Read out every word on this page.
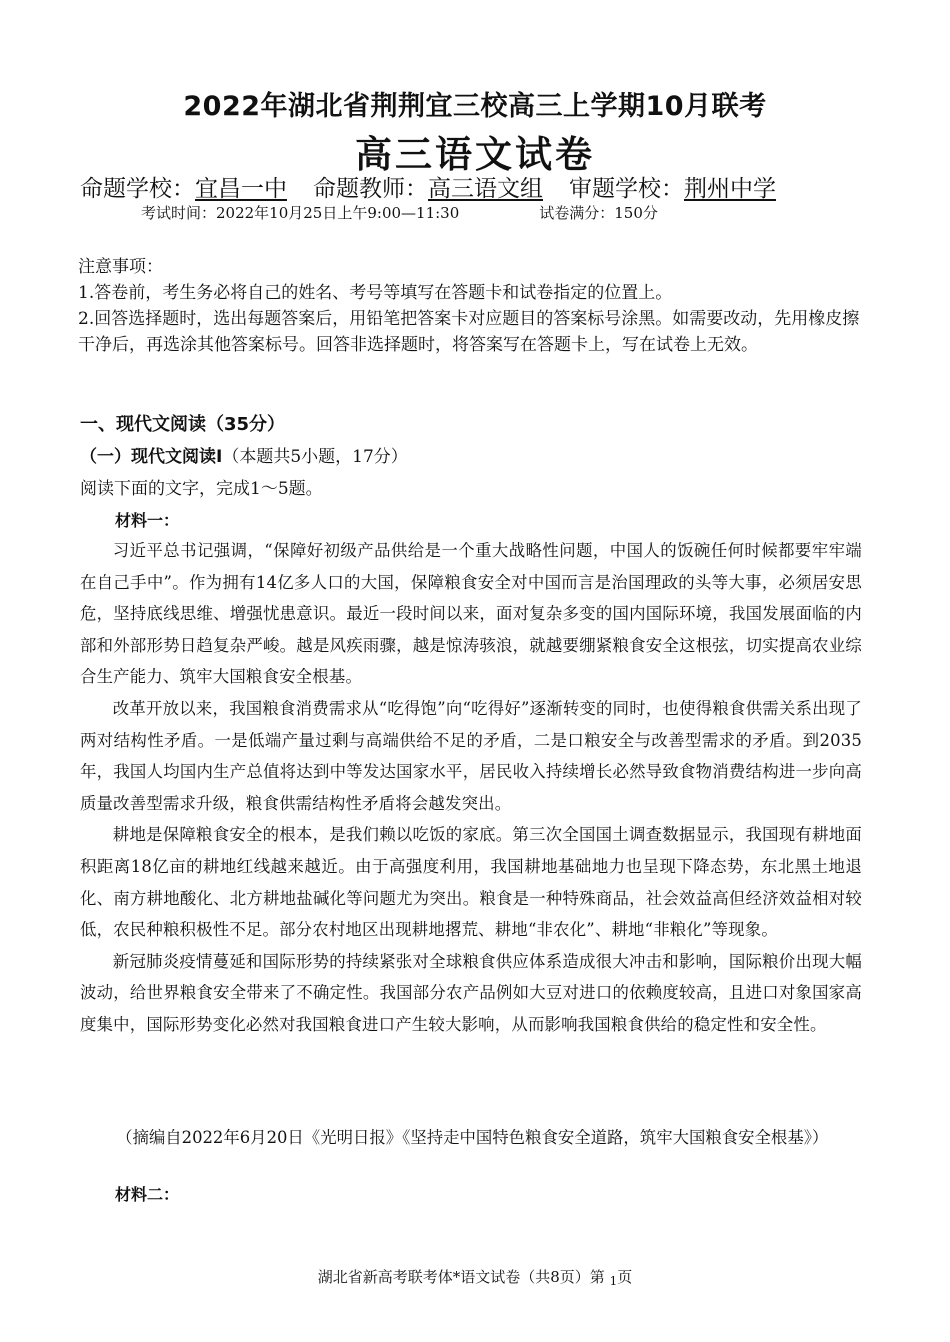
2022年湖北省荆荆宜三校高三上学期10月联考
高三语文试卷
命题学校：宜昌一中 命题教师：高三语文组 审题学校：荆州中学
考试时间：2022年10月25日上午9:00—11:30	试卷满分：150分
注意事项：
1.答卷前，考生务必将自己的姓名、考号等填写在答题卡和试卷指定的位置上。
2.回答选择题时，选出每题答案后，用铅笔把答案卡对应题目的答案标号涂黑。如需要改动，先用橡皮擦干净后，再选涂其他答案标号。回答非选择题时，将答案写在答题卡上，写在试卷上无效。
一、现代文阅读（35分）
（一）现代文阅读Ⅰ（本题共5小题，17分）
阅读下面的文字，完成1～5题。
材料一：

习近平总书记强调，“保障好初级产品供给是一个重大战略性问题，中国人的饭碗任何时候都要牢牢端在自己手中”。作为拥有14亿多人口的大国，保障粮食安全对中国而言是治国理政的头等大事，必须居安思危，坚持底线思维、增强忧患意识。最近一段时间以来，面对复杂多变的国内国际环境，我国发展面临的内部和外部形势日趋复杂严峻。越是风疾雨骤，越是惊涛骇浪，就越要绷紧粮食安全这根弦，切实提高农业综合生产能力、筑牢大国粮食安全根基。

改革开放以来，我国粮食消费需求从“吃得饱”向“吃得好”逐渐转变的同时，也使得粮食供需关系出现了两对结构性矛盾。一是低端产量过剩与高端供给不足的矛盾，二是口粮安全与改善型需求的矛盾。到2035年，我国人均国内生产总值将达到中等发达国家水平，居民收入持续增长必然导致食物消费结构进一步向高质量改善型需求升级，粮食供需结构性矛盾将会越发突出。

耕地是保障粮食安全的根本，是我们赖以吃饭的家底。第三次全国国土调查数据显示，我国现有耕地面积距离18亿亩的耕地红线越来越近。由于高强度利用，我国耕地基础地力也呈现下降态势，东北黑土地退化、南方耕地酸化、北方耕地盐碱化等问题尤为突出。粮食是一种特殊商品，社会效益高但经济效益相对较低，农民种粮积极性不足。部分农村地区出现耕地撂荒、耕地“非农化”、耕地“非粮化”等现象。

新冠肺炎疫情蔓延和国际形势的持续紧张对全球粮食供应体系造成很大冲击和影响，国际粮价出现大幅波动，给世界粮食安全带来了不确定性。我国部分农产品例如大豆对进口的依赖度较高，且进口对象国家高度集中，国际形势变化必然对我国粮食进口产生较大影响，从而影响我国粮食供给的稳定性和安全性。

（摘编自2022年6月20日《光明日报》《坚持走中国特色粮食安全道路，筑牢大国粮食安全根基》）
材料二：
湖北省新高考联考体*语文试卷（共8页）第 $_1$页
